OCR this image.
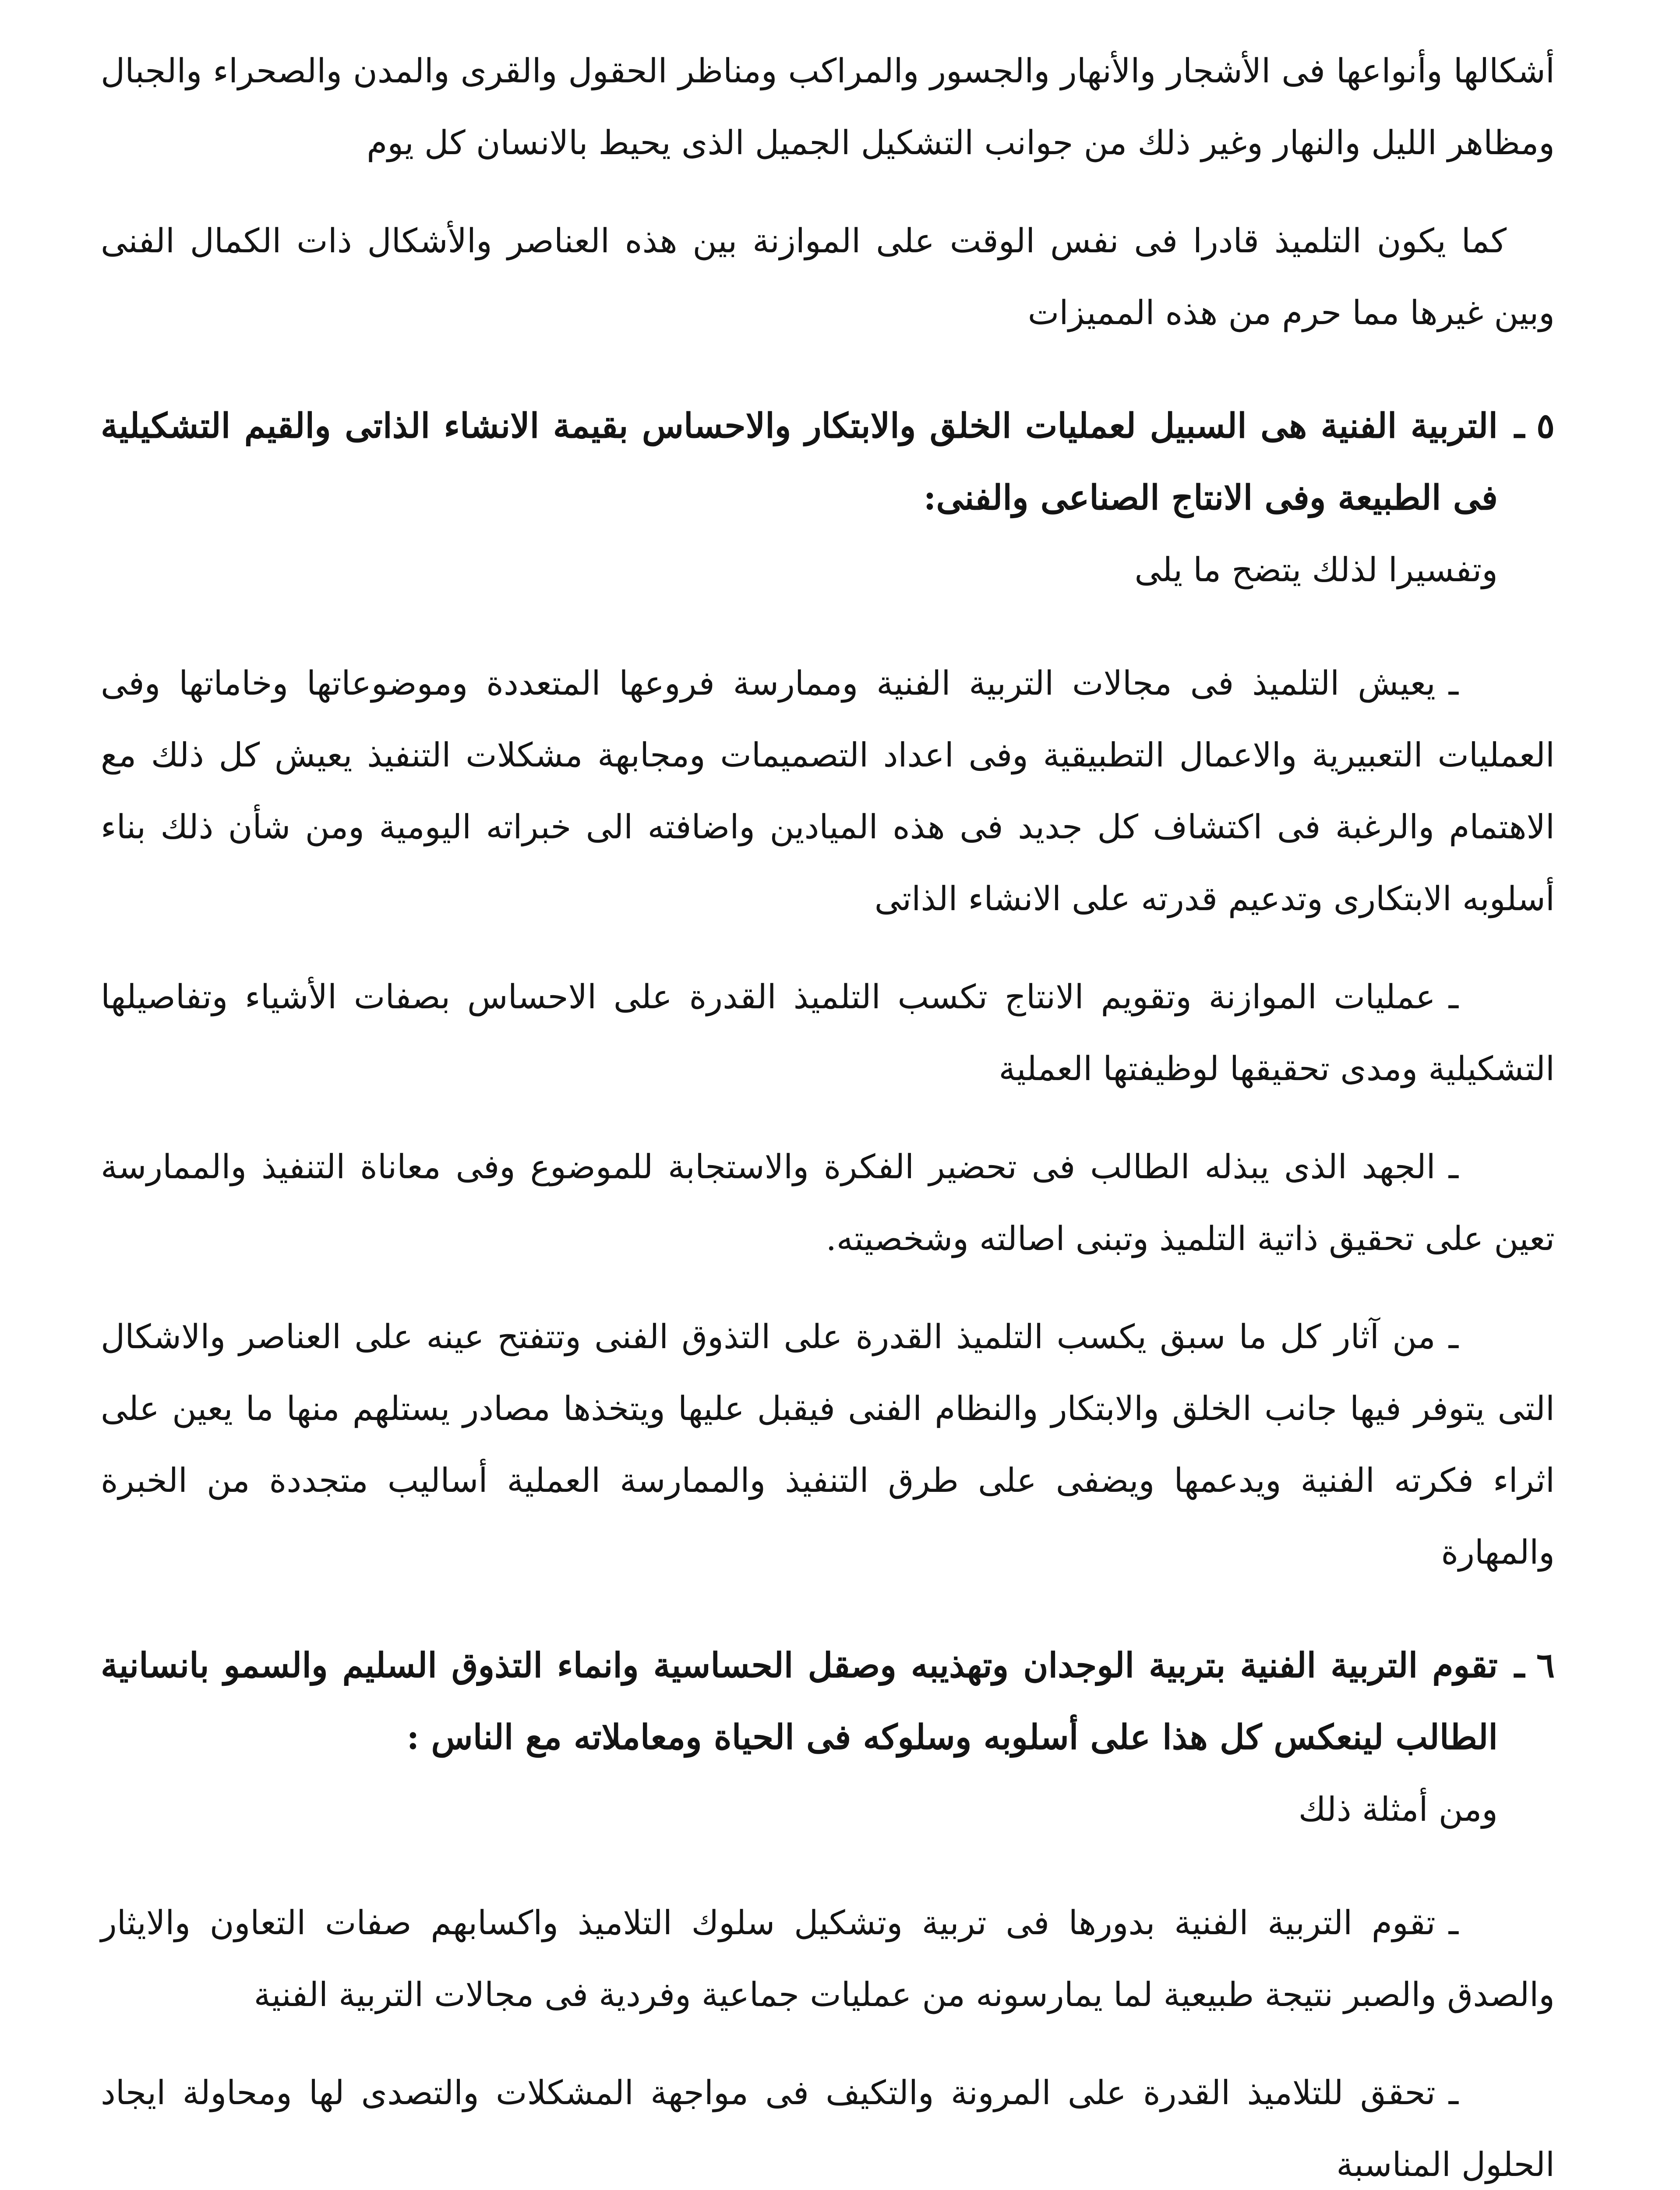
أشكالها وأنواعها فى الأشجار والأنهار والجسور والمراكب ومناظر الحقول والقرى والمدن والصحراء والجبال ومظاهر الليل والنهار وغير ذلك من جوانب التشكيل الجميل الذى يحيط بالانسان كل يوم

كما يكون التلميذ قادرا فى نفس الوقت على الموازنة بين هذه العناصر والأشكال ذات الكمال الفنى وبين غيرها مما حرم من هذه المميزات

٥ ـ
التربية الفنية هى السبيل لعمليات الخلق والابتكار والاحساس بقيمة الانشاء الذاتى والقيم التشكيلية فى الطبيعة وفى الانتاج الصناعى والفنى:

وتفسيرا لذلك يتضح ما يلى

ـيعيش التلميذ فى مجالات التربية الفنية وممارسة فروعها المتعددة وموضوعاتها وخاماتها وفى العمليات التعبيرية والاعمال التطبيقية وفى اعداد التصميمات ومجابهة مشكلات التنفيذ يعيش كل ذلك مع الاهتمام والرغبة فى اكتشاف كل جديد فى هذه الميادين واضافته الى خبراته اليومية ومن شأن ذلك بناء أسلوبه الابتكارى وتدعيم قدرته على الانشاء الذاتى

ـعمليات الموازنة وتقويم الانتاج تكسب التلميذ القدرة على الاحساس بصفات الأشياء وتفاصيلها التشكيلية ومدى تحقيقها لوظيفتها العملية

ـالجهد الذى يبذله الطالب فى تحضير الفكرة والاستجابة للموضوع وفى معاناة التنفيذ والممارسة تعين على تحقيق ذاتية التلميذ وتبنى اصالته وشخصيته.

ـمن آثار كل ما سبق يكسب التلميذ القدرة على التذوق الفنى وتتفتح عينه على العناصر والاشكال التى يتوفر فيها جانب الخلق والابتكار والنظام الفنى فيقبل عليها ويتخذها مصادر يستلهم منها ما يعين على اثراء فكرته الفنية ويدعمها ويضفى على طرق التنفيذ والممارسة العملية أساليب متجددة من الخبرة والمهارة

٦ ـ
تقوم التربية الفنية بتربية الوجدان وتهذيبه وصقل الحساسية وانماء التذوق السليم والسمو بانسانية الطالب لينعكس كل هذا على أسلوبه وسلوكه فى الحياة ومعاملاته مع الناس :

ومن أمثلة ذلك

ـتقوم التربية الفنية بدورها فى تربية وتشكيل سلوك التلاميذ واكسابهم صفات التعاون والايثار والصدق والصبر نتيجة طبيعية لما يمارسونه من عمليات جماعية وفردية فى مجالات التربية الفنية

ـتحقق للتلاميذ القدرة على المرونة والتكيف فى مواجهة المشكلات والتصدى لها ومحاولة ايجاد الحلول المناسبة
